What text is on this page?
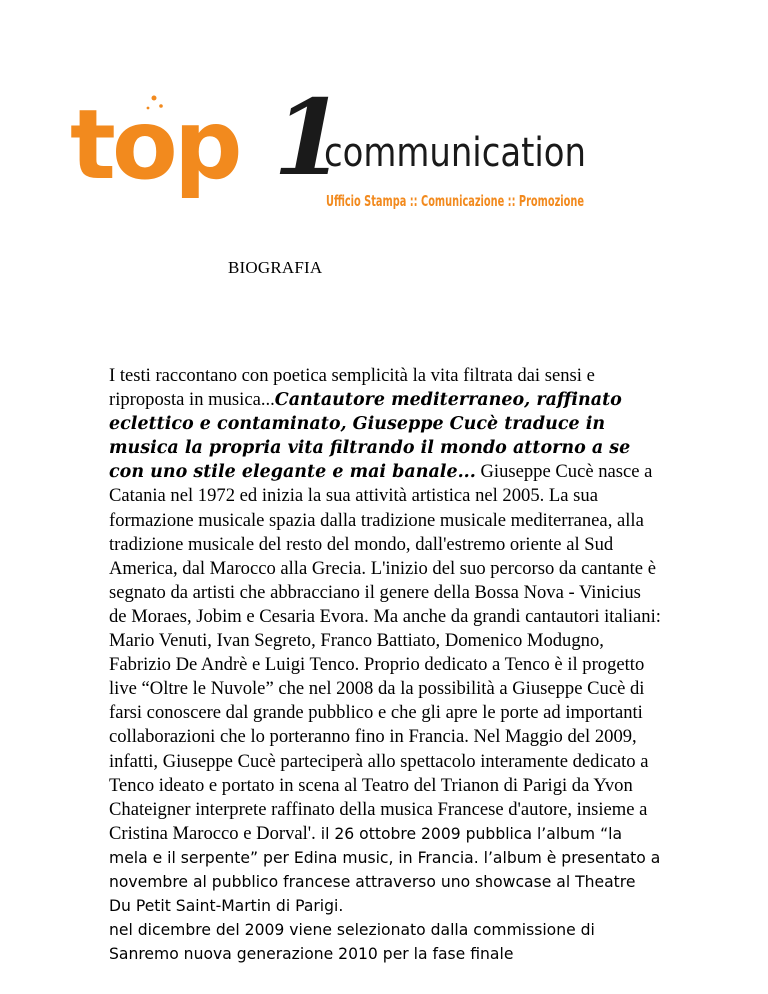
top 1
communication
Ufficio Stampa :: Comunicazione :: Promozione
BIOGRAFIA
I testi raccontano con poetica semplicità la vita filtrata dai sensi e riproposta in musica...Cantautore mediterraneo, raffinato eclettico e contaminato, Giuseppe Cucè traduce in musica la propria vita filtrando il mondo attorno a se con uno stile elegante e mai banale... Giuseppe Cucè nasce a Catania nel 1972 ed inizia la sua attività artistica nel 2005. La sua formazione musicale spazia dalla tradizione musicale mediterranea, alla tradizione musicale del resto del mondo, dall'estremo oriente al Sud America, dal Marocco alla Grecia. L'inizio del suo percorso da cantante è segnato da artisti che abbracciano il genere della Bossa Nova - Vinicius de Moraes, Jobim e Cesaria Evora. Ma anche da grandi cantautori italiani: Mario Venuti, Ivan Segreto, Franco Battiato, Domenico Modugno, Fabrizio De Andrè e Luigi Tenco. Proprio dedicato a Tenco è il progetto live “Oltre le Nuvole” che nel 2008 da la possibilità a Giuseppe Cucè di farsi conoscere dal grande pubblico e che gli apre le porte ad importanti collaborazioni che lo porteranno fino in Francia. Nel Maggio del 2009, infatti, Giuseppe Cucè parteciperà allo spettacolo interamente dedicato a Tenco ideato e portato in scena al Teatro del Trianon di Parigi da Yvon Chateigner interprete raffinato della musica Francese d'autore, insieme a Cristina Marocco e Dorval'. il 26 ottobre 2009 pubblica l’album “la mela e il serpente” per Edina music, in Francia. l’album è presentato a novembre al pubblico francese attraverso uno showcase al Theatre Du Petit Saint-Martin di Parigi.
nel dicembre del 2009 viene selezionato dalla commissione di Sanremo nuova generazione 2010 per la fase finale
